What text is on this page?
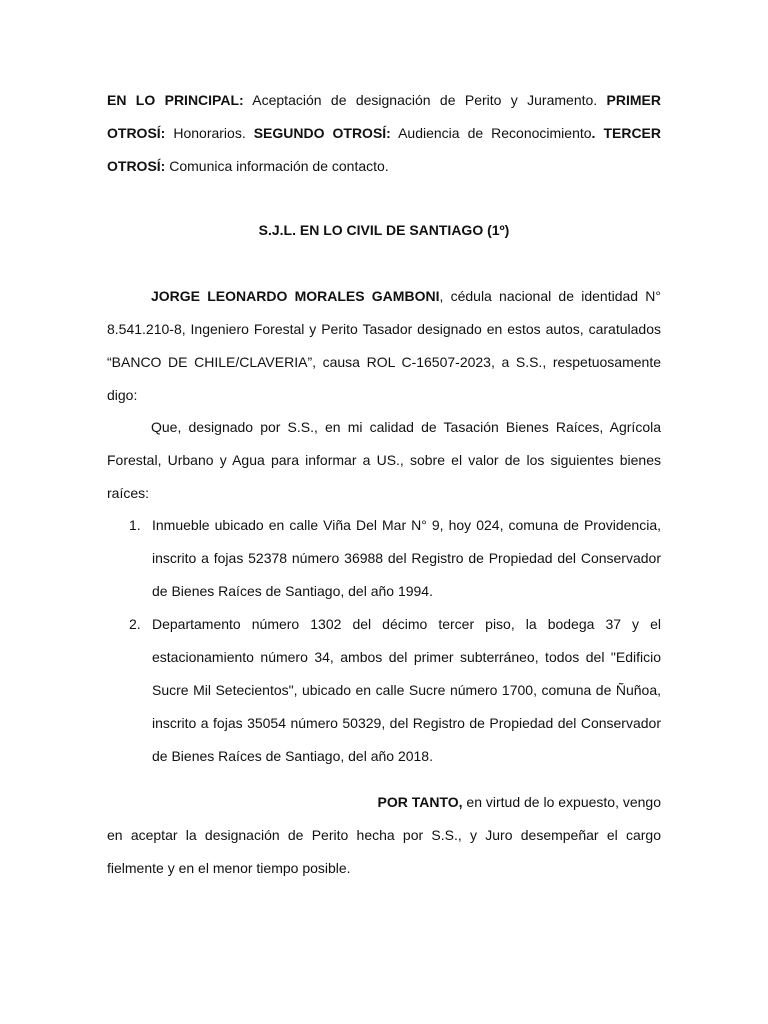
EN LO PRINCIPAL: Aceptación de designación de Perito y Juramento. PRIMER OTROSÍ: Honorarios. SEGUNDO OTROSÍ: Audiencia de Reconocimiento. TERCER OTROSÍ: Comunica información de contacto.
S.J.L. EN LO CIVIL DE SANTIAGO (1º)
JORGE LEONARDO MORALES GAMBONI, cédula nacional de identidad N° 8.541.210-8, Ingeniero Forestal y Perito Tasador designado en estos autos, caratulados “BANCO DE CHILE/CLAVERIA”, causa ROL C-16507-2023, a S.S., respetuosamente digo:
Que, designado por S.S., en mi calidad de Tasación Bienes Raíces, Agrícola Forestal, Urbano y Agua para informar a US., sobre el valor de los siguientes bienes raíces:
1. Inmueble ubicado en calle Viña Del Mar N° 9, hoy 024, comuna de Providencia, inscrito a fojas 52378 número 36988 del Registro de Propiedad del Conservador de Bienes Raíces de Santiago, del año 1994.
2. Departamento número 1302 del décimo tercer piso, la bodega 37 y el estacionamiento número 34, ambos del primer subterráneo, todos del "Edificio Sucre Mil Setecientos", ubicado en calle Sucre número 1700, comuna de Ñuñoa, inscrito a fojas 35054 número 50329, del Registro de Propiedad del Conservador de Bienes Raíces de Santiago, del año 2018.
POR TANTO, en virtud de lo expuesto, vengo
en aceptar la designación de Perito hecha por S.S., y Juro desempeñar el cargo fielmente y en el menor tiempo posible.
